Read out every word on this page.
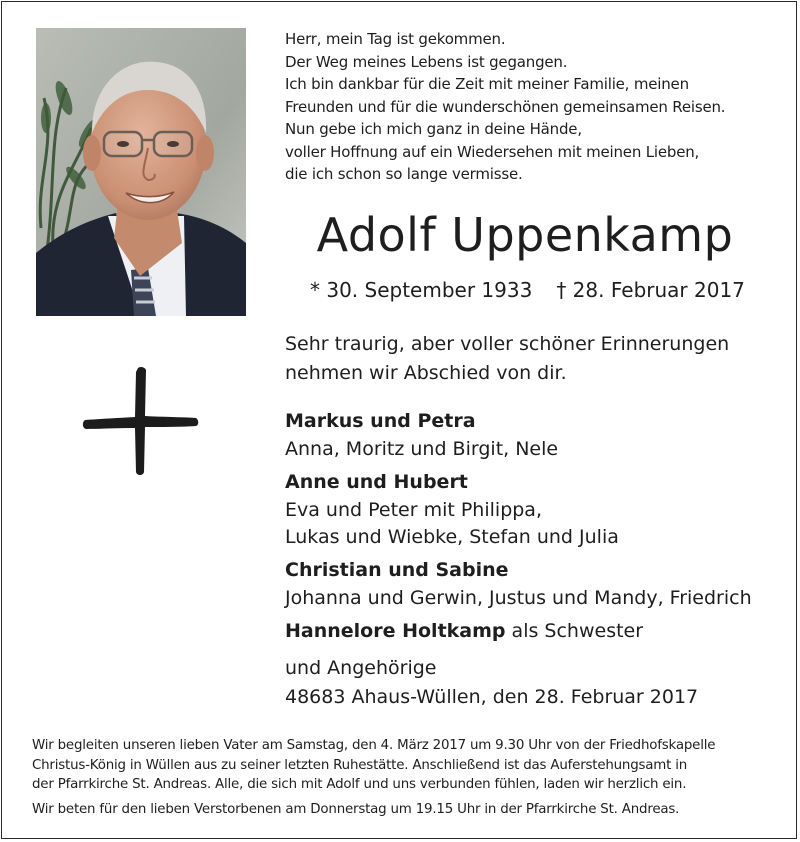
Herr, mein Tag ist gekommen.
Der Weg meines Lebens ist gegangen.
Ich bin dankbar für die Zeit mit meiner Familie, meinen
Freunden und für die wunderschönen gemeinsamen Reisen.
Nun gebe ich mich ganz in deine Hände,
voller Hoffnung auf ein Wiedersehen mit meinen Lieben,
die ich schon so lange vermisse.
Adolf Uppenkamp
* 30. September 1933 † 28. Februar 2017
Sehr traurig, aber voller schöner Erinnerungen
nehmen wir Abschied von dir.
Markus und Petra
Anna, Moritz und Birgit, Nele
Anne und Hubert
Eva und Peter mit Philippa,
Lukas und Wiebke, Stefan und Julia
Christian und Sabine
Johanna und Gerwin, Justus und Mandy, Friedrich
Hannelore Holtkamp als Schwester
und Angehörige
48683 Ahaus-Wüllen, den 28. Februar 2017
Wir begleiten unseren lieben Vater am Samstag, den 4. März 2017 um 9.30 Uhr von der Friedhofskapelle
Christus-König in Wüllen aus zu seiner letzten Ruhestätte. Anschließend ist das Auferstehungsamt in
der Pfarrkirche St. Andreas. Alle, die sich mit Adolf und uns verbunden fühlen, laden wir herzlich ein.
Wir beten für den lieben Verstorbenen am Donnerstag um 19.15 Uhr in der Pfarrkirche St. Andreas.
